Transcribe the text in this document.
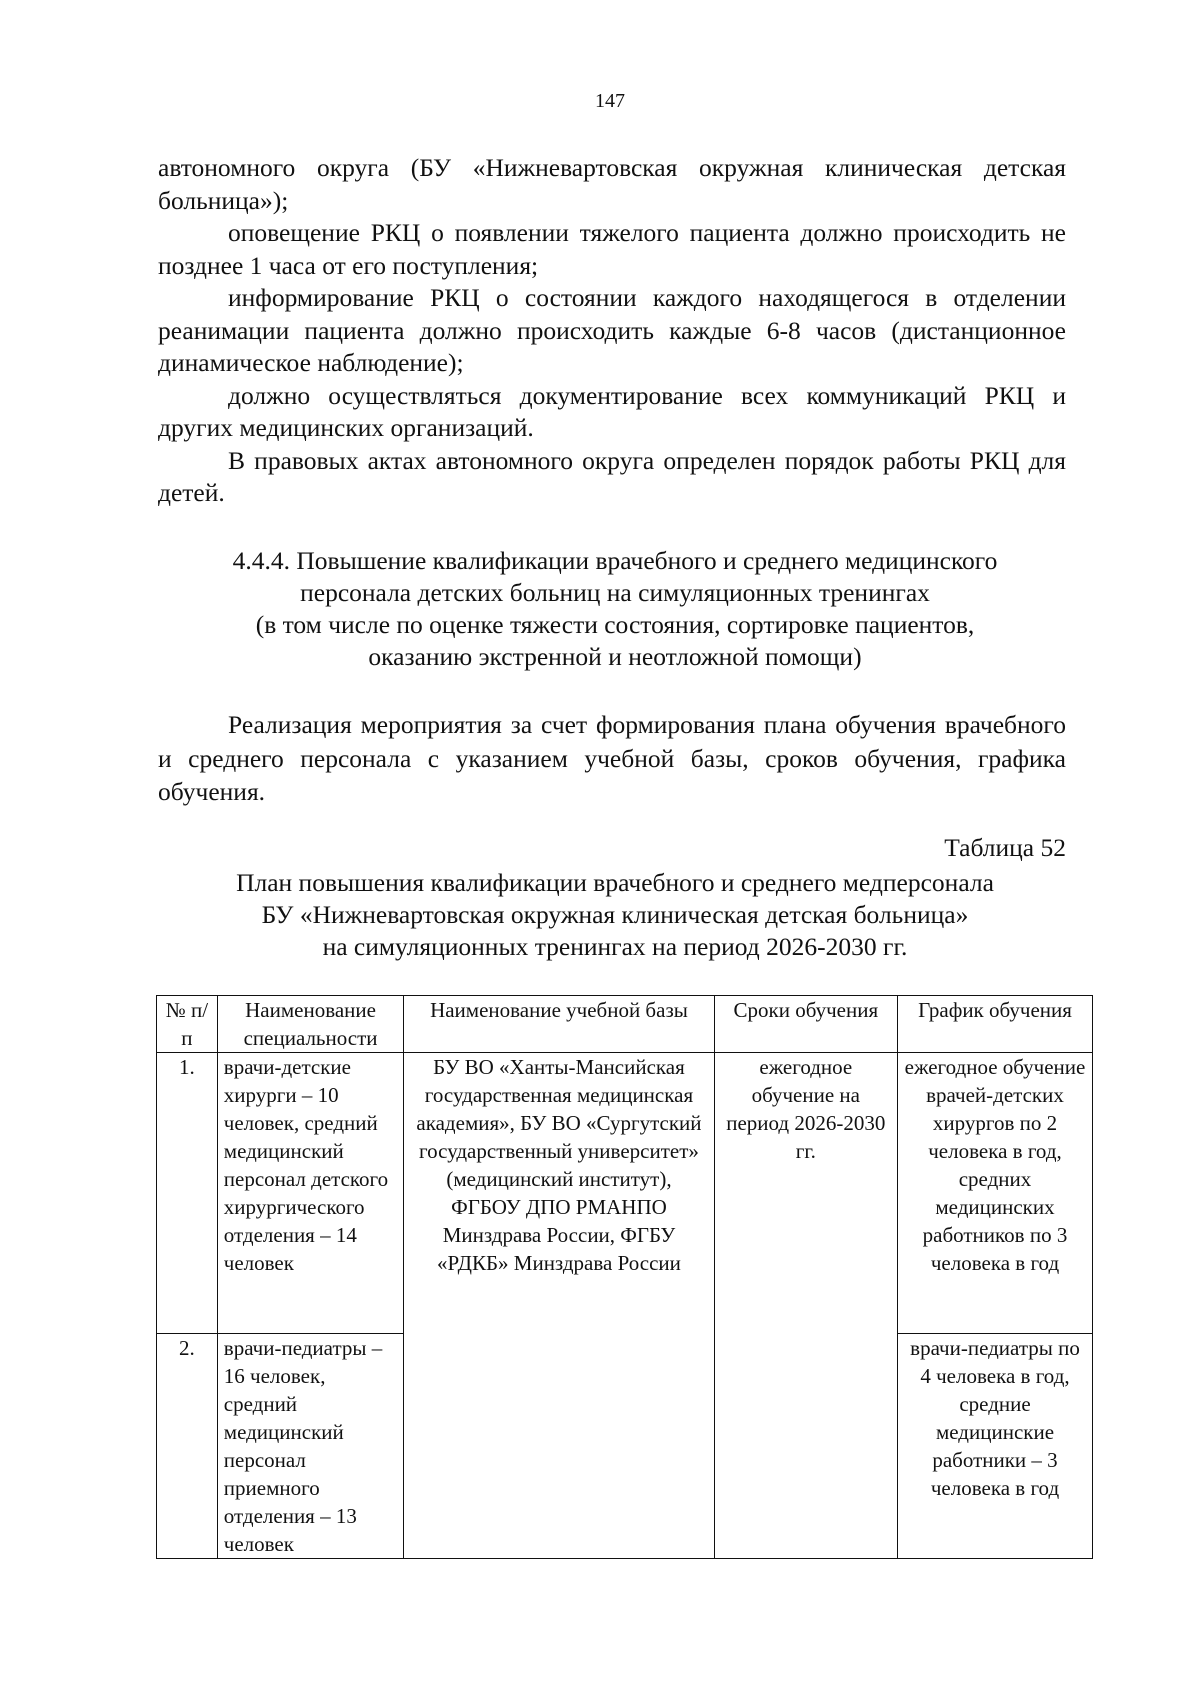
147

автономного округа (БУ «Нижневартовская окружная клиническая детская больница»);

оповещение РКЦ о появлении тяжелого пациента должно происходить не позднее 1 часа от его поступления;

информирование РКЦ о состоянии каждого находящегося в отделении реанимации пациента должно происходить каждые 6-8 часов (дистанционное динамическое наблюдение);

должно осуществляться документирование всех коммуникаций РКЦ и других медицинских организаций.

В правовых актах автономного округа определен порядок работы РКЦ для детей.

4.4.4. Повышение квалификации врачебного и среднего медицинского
персонала детских больниц на симуляционных тренингах
(в том числе по оценке тяжести состояния, сортировке пациентов,
оказанию экстренной и неотложной помощи)

Реализация мероприятия за счет формирования плана обучения врачебного и среднего персонала с указанием учебной базы, сроков обучения, графика обучения.

Таблица 52
План повышения квалификации врачебного и среднего медперсонала
БУ «Нижневартовская окружная клиническая детская больница»
на симуляционных тренингах на период 2026-2030 гг.
№ п/п	Наименование специальности	Наименование учебной базы	Сроки обучения	График обучения
1.	врачи-детские хирурги – 10 человек, средний медицинский персонал детского хирургического отделения – 14 человек	БУ ВО «Ханты-Мансийская государственная медицинская академия», БУ ВО «Сургутский государственный университет» (медицинский институт), ФГБОУ ДПО РМАНПО Минздрава России, ФГБУ «РДКБ» Минздрава России	ежегодное обучение на период 2026-2030 гг.	ежегодное обучение врачей-детских хирургов по 2 человека в год, средних медицинских работников по 3 человека в год
2.	врачи-педиатры – 16 человек, средний медицинский персонал приемного отделения – 13 человек			врачи-педиатры по 4 человека в год, средние медицинские работники – 3 человека в год
